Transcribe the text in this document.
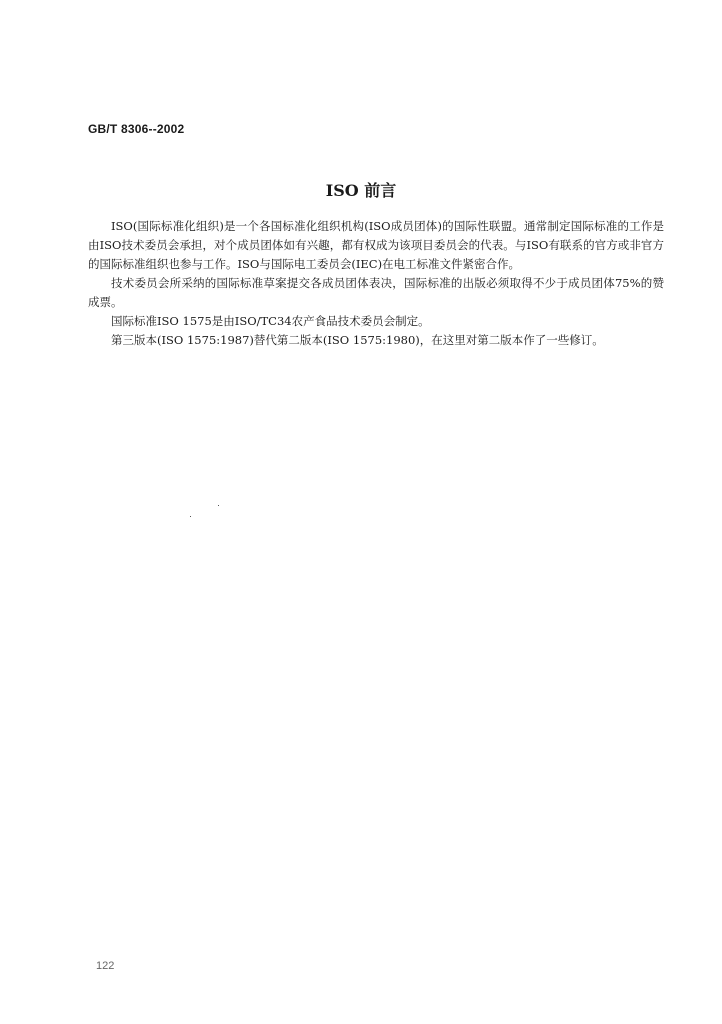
GB/T 8306--2002
ISO 前言

ISO(国际标准化组织)是一个各国标准化组织机构(ISO成员团体)的国际性联盟。通常制定国际标准的工作是由ISO技术委员会承担，对个成员团体如有兴趣，都有权成为该项目委员会的代表。与ISO有联系的官方或非官方的国际标准组织也参与工作。ISO与国际电工委员会(IEC)在电工标准文件紧密合作。

技术委员会所采纳的国际标准草案提交各成员团体表决，国际标准的出版必须取得不少于成员团体75%的赞成票。

国际标准ISO 1575是由ISO/TC34农产食品技术委员会制定。

第三版本(ISO 1575:1987)替代第二版本(ISO 1575:1980)，在这里对第二版本作了一些修订。

122
